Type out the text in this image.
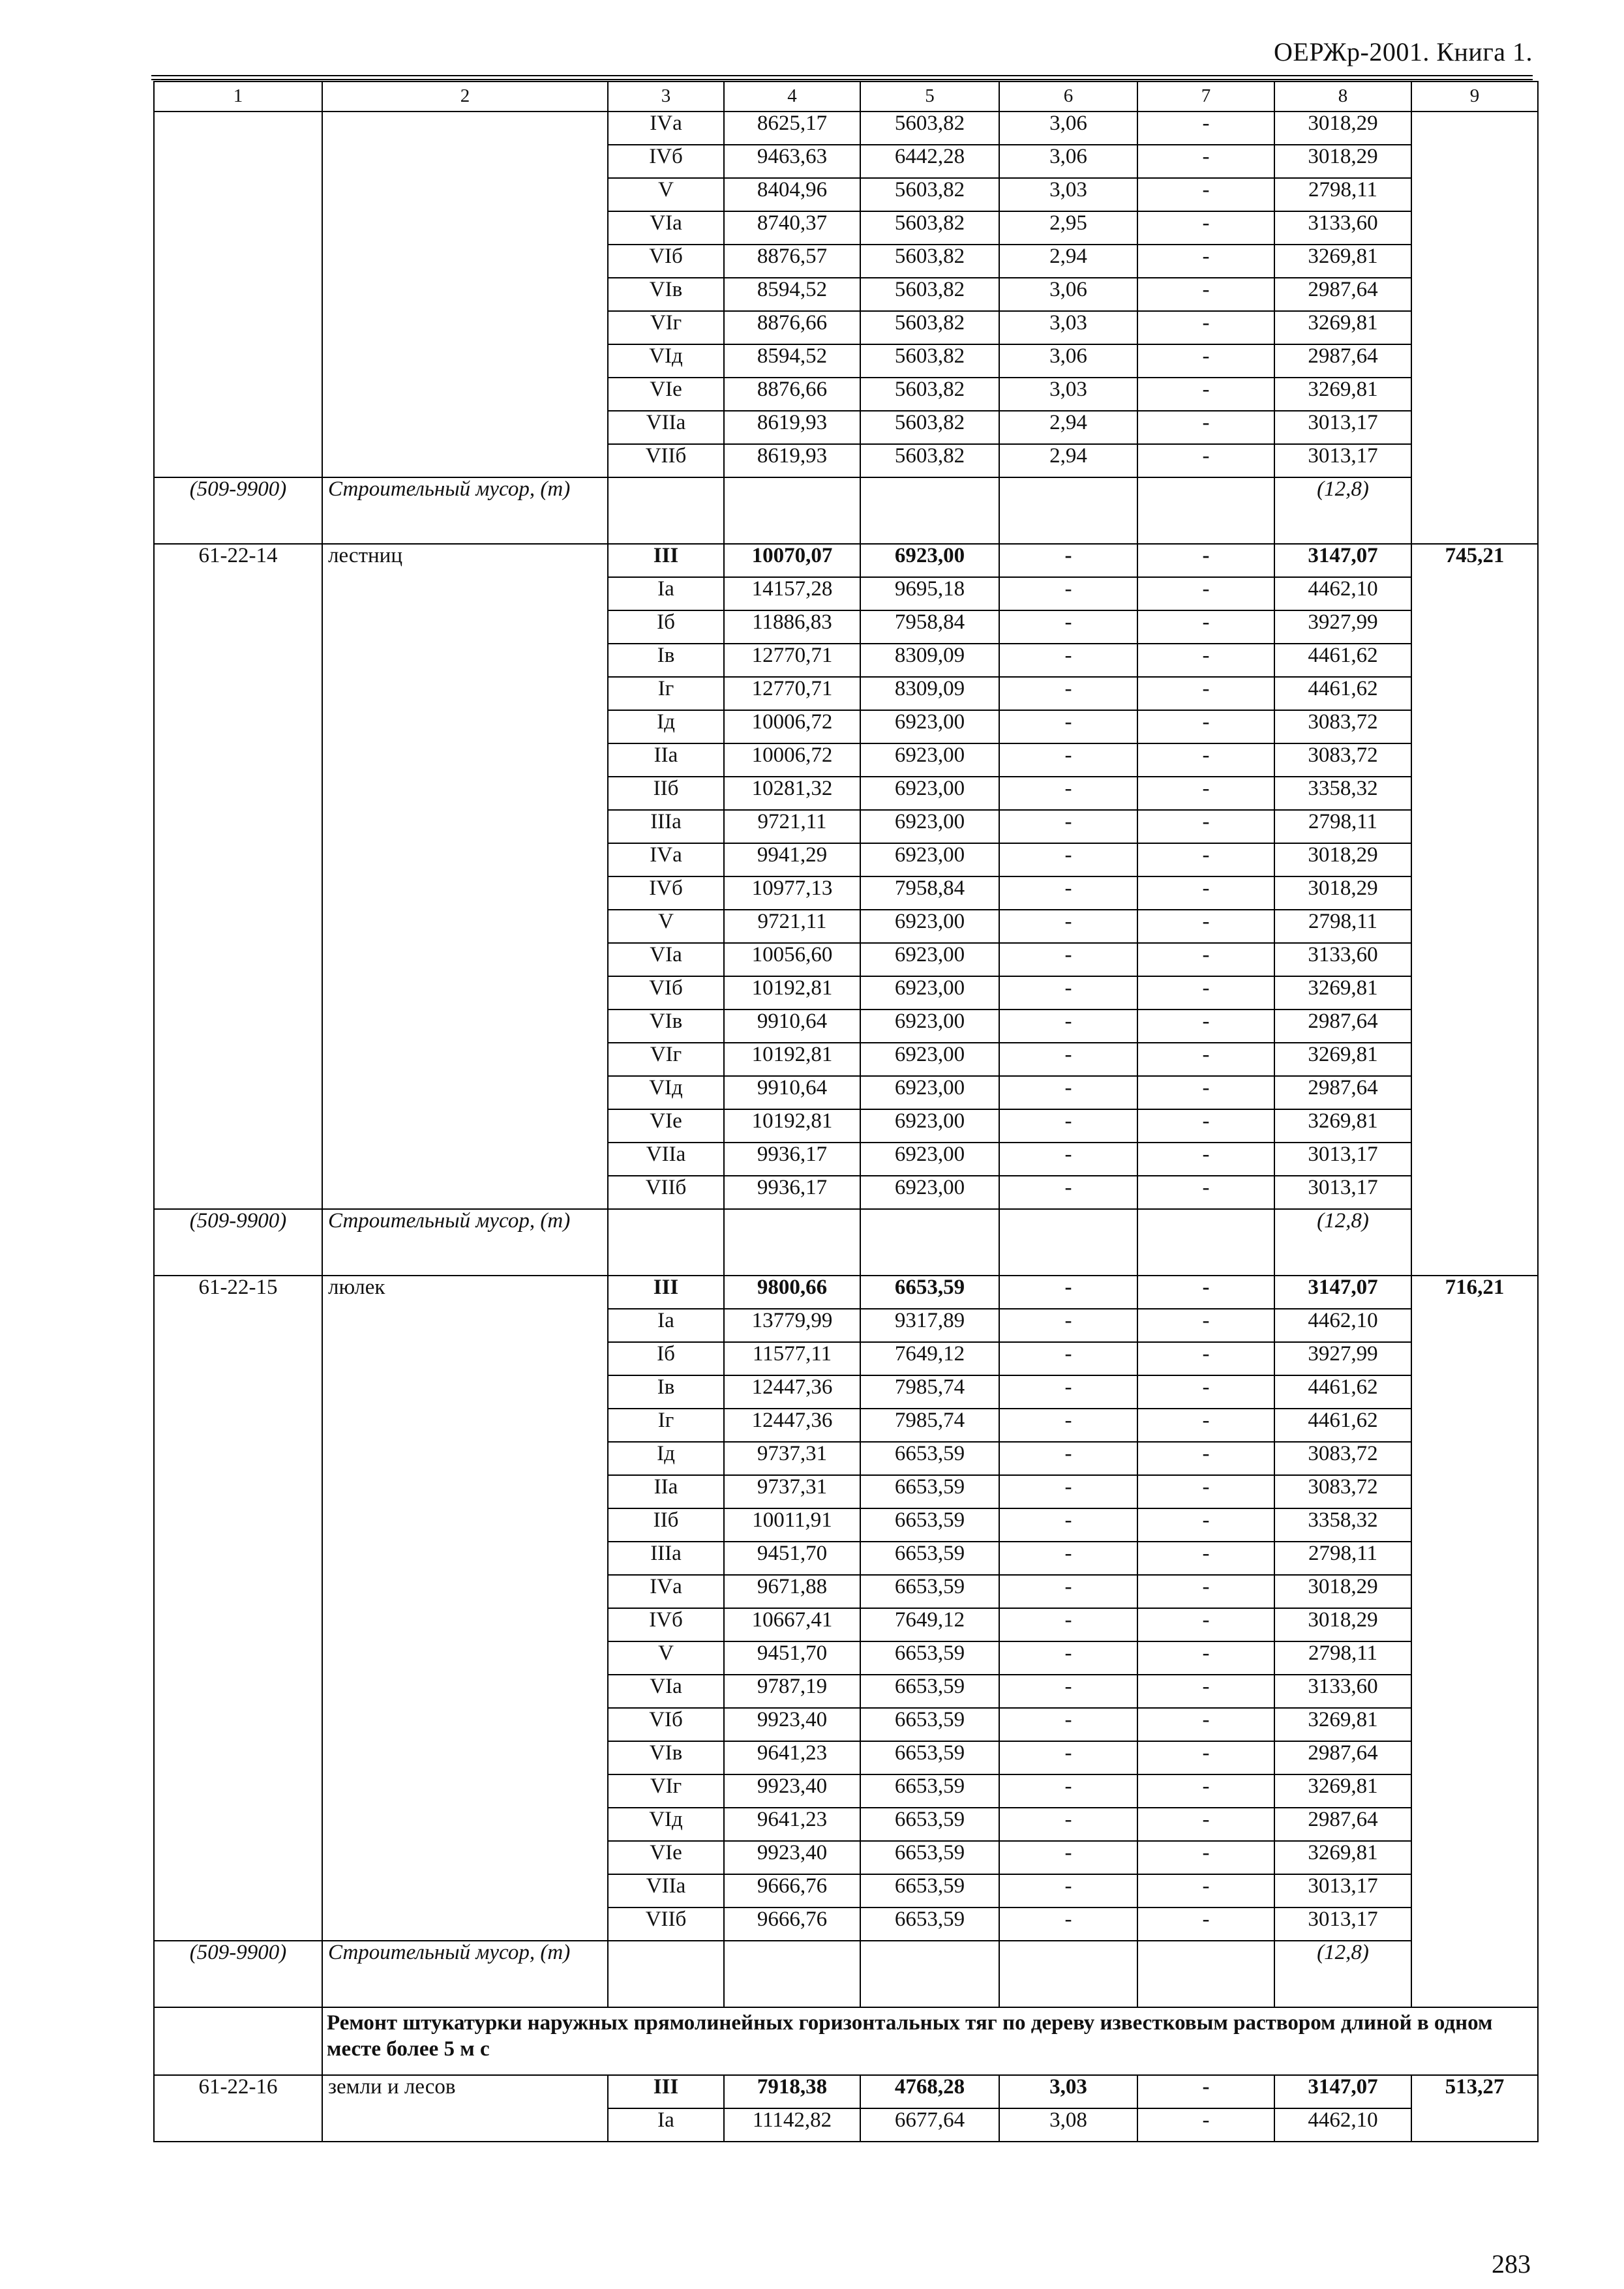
ОЕРЖр-2001. Книга 1.
1	2	3	4	5	6	7	8	9
		IVа	8625,17	5603,82	3,06	-	3018,29	
		IVб	9463,63	6442,28	3,06	-	3018,29	
		V	8404,96	5603,82	3,03	-	2798,11	
		VIа	8740,37	5603,82	2,95	-	3133,60	
		VIб	8876,57	5603,82	2,94	-	3269,81	
		VIв	8594,52	5603,82	3,06	-	2987,64	
		VIг	8876,66	5603,82	3,03	-	3269,81	
		VIд	8594,52	5603,82	3,06	-	2987,64	
		VIе	8876,66	5603,82	3,03	-	3269,81	
		VIIа	8619,93	5603,82	2,94	-	3013,17	
		VIIб	8619,93	5603,82	2,94	-	3013,17	
(509-9900)	Строительный мусор, (т)						(12,8)	
61-22-14	лестниц	III	10070,07	6923,00	-	-	3147,07	745,21
		Iа	14157,28	9695,18	-	-	4462,10	
		Iб	11886,83	7958,84	-	-	3927,99	
		Iв	12770,71	8309,09	-	-	4461,62	
		Iг	12770,71	8309,09	-	-	4461,62	
		Iд	10006,72	6923,00	-	-	3083,72	
		IIа	10006,72	6923,00	-	-	3083,72	
		IIб	10281,32	6923,00	-	-	3358,32	
		IIIа	9721,11	6923,00	-	-	2798,11	
		IVа	9941,29	6923,00	-	-	3018,29	
		IVб	10977,13	7958,84	-	-	3018,29	
		V	9721,11	6923,00	-	-	2798,11	
		VIа	10056,60	6923,00	-	-	3133,60	
		VIб	10192,81	6923,00	-	-	3269,81	
		VIв	9910,64	6923,00	-	-	2987,64	
		VIг	10192,81	6923,00	-	-	3269,81	
		VIд	9910,64	6923,00	-	-	2987,64	
		VIе	10192,81	6923,00	-	-	3269,81	
		VIIа	9936,17	6923,00	-	-	3013,17	
		VIIб	9936,17	6923,00	-	-	3013,17	
(509-9900)	Строительный мусор, (т)						(12,8)	
61-22-15	люлек	III	9800,66	6653,59	-	-	3147,07	716,21
		Iа	13779,99	9317,89	-	-	4462,10	
		Iб	11577,11	7649,12	-	-	3927,99	
		Iв	12447,36	7985,74	-	-	4461,62	
		Iг	12447,36	7985,74	-	-	4461,62	
		Iд	9737,31	6653,59	-	-	3083,72	
		IIа	9737,31	6653,59	-	-	3083,72	
		IIб	10011,91	6653,59	-	-	3358,32	
		IIIа	9451,70	6653,59	-	-	2798,11	
		IVа	9671,88	6653,59	-	-	3018,29	
		IVб	10667,41	7649,12	-	-	3018,29	
		V	9451,70	6653,59	-	-	2798,11	
		VIа	9787,19	6653,59	-	-	3133,60	
		VIб	9923,40	6653,59	-	-	3269,81	
		VIв	9641,23	6653,59	-	-	2987,64	
		VIг	9923,40	6653,59	-	-	3269,81	
		VIд	9641,23	6653,59	-	-	2987,64	
		VIе	9923,40	6653,59	-	-	3269,81	
		VIIа	9666,76	6653,59	-	-	3013,17	
		VIIб	9666,76	6653,59	-	-	3013,17	
(509-9900)	Строительный мусор, (т)						(12,8)	
	Ремонт штукатурки наружных прямолинейных горизонтальных тяг по дереву известковым раствором длиной в одном месте более 5 м с							
61-22-16	земли и лесов	III	7918,38	4768,28	3,03	-	3147,07	513,27
		Iа	11142,82	6677,64	3,08	-	4462,10	
283
